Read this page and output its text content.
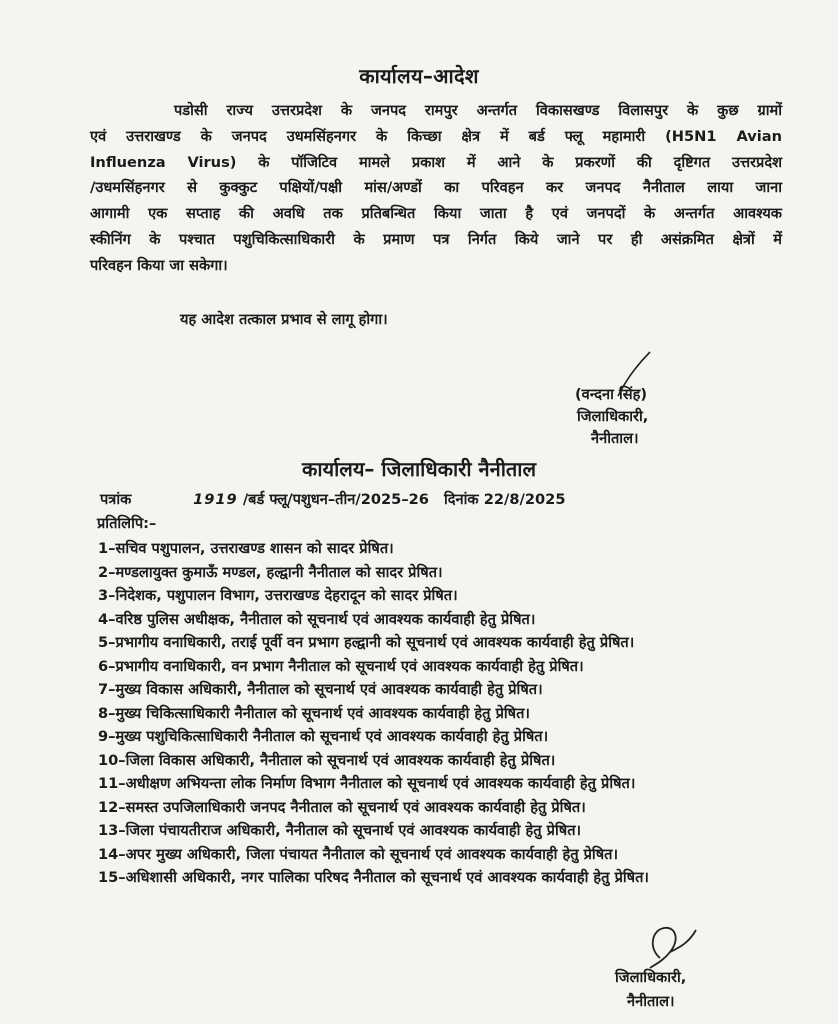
कार्यालय–आदेश
पडोसी राज्य उत्तरप्रदेश के जनपद रामपुर अन्तर्गत विकासखण्ड विलासपुर के कुछ ग्रामों
एवं उत्तराखण्ड के जनपद उधमसिंहनगर के किच्छा क्षेत्र में बर्ड फ्लू महामारी (H5N1 Avian
Influenza Virus) के पॉजिटिव मामले प्रकाश में आने के प्रकरणों की दृष्टिगत उत्तरप्रदेश
/उधमसिंहनगर से कुक्कुट पक्षियों/पक्षी मांस/अण्डों का परिवहन कर जनपद नैनीताल लाया जाना
आगामी एक सप्ताह की अवधि तक प्रतिबन्धित किया जाता है एवं जनपदों के अन्तर्गत आवश्यक
स्कीनिंग के पश्चात पशुचिकित्साधिकारी के प्रमाण पत्र निर्गत किये जाने पर ही असंक्रमित क्षेत्रों में
परिवहन किया जा सकेगा।
यह आदेश तत्काल प्रभाव से लागू होगा।
(वन्दना सिंह)
जिलाधिकारी,
नैनीताल।
कार्यालय– जिलाधिकारी नैनीताल
पत्रांक	1919 /बर्ड फ्लू/पशुधन–तीन/2025–26 दिनांक 22/8/2025
प्रतिलिपि:–
1–सचिव पशुपालन, उत्तराखण्ड शासन को सादर प्रेषित।
2–मण्डलायुक्त कुमाऊँ मण्डल, हल्द्वानी नैनीताल को सादर प्रेषित।
3–निदेशक, पशुपालन विभाग, उत्तराखण्ड देहरादून को सादर प्रेषित।
4–वरिष्ठ पुलिस अधीक्षक, नैनीताल को सूचनार्थ एवं आवश्यक कार्यवाही हेतु प्रेषित।
5–प्रभागीय वनाधिकारी, तराई पूर्वी वन प्रभाग हल्द्वानी को सूचनार्थ एवं आवश्यक कार्यवाही हेतु प्रेषित।
6–प्रभागीय वनाधिकारी, वन प्रभाग नैनीताल को सूचनार्थ एवं आवश्यक कार्यवाही हेतु प्रेषित।
7–मुख्य विकास अधिकारी, नैनीताल को सूचनार्थ एवं आवश्यक कार्यवाही हेतु प्रेषित।
8–मुख्य चिकित्साधिकारी नैनीताल को सूचनार्थ एवं आवश्यक कार्यवाही हेतु प्रेषित।
9–मुख्य पशुचिकित्साधिकारी नैनीताल को सूचनार्थ एवं आवश्यक कार्यवाही हेतु प्रेषित।
10–जिला विकास अधिकारी, नैनीताल को सूचनार्थ एवं आवश्यक कार्यवाही हेतु प्रेषित।
11–अधीक्षण अभियन्ता लोक निर्माण विभाग नैनीताल को सूचनार्थ एवं आवश्यक कार्यवाही हेतु प्रेषित।
12–समस्त उपजिलाधिकारी जनपद नैनीताल को सूचनार्थ एवं आवश्यक कार्यवाही हेतु प्रेषित।
13–जिला पंचायतीराज अधिकारी, नैनीताल को सूचनार्थ एवं आवश्यक कार्यवाही हेतु प्रेषित।
14–अपर मुख्य अधिकारी, जिला पंचायत नैनीताल को सूचनार्थ एवं आवश्यक कार्यवाही हेतु प्रेषित।
15–अधिशासी अधिकारी, नगर पालिका परिषद नैनीताल को सूचनार्थ एवं आवश्यक कार्यवाही हेतु प्रेषित।
जिलाधिकारी,
नैनीताल।
